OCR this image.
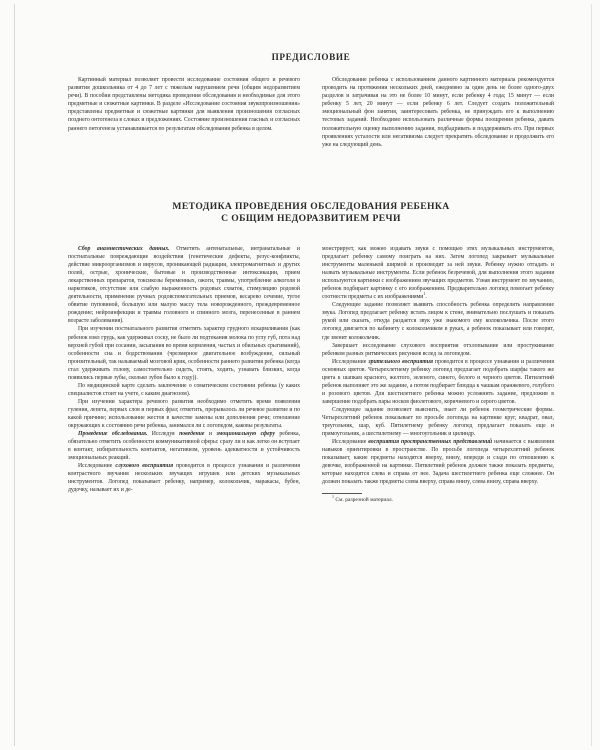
ПРЕДИСЛОВИЕ

Картинный материал позволяет провести исследование состояния общего и речевого развития дошкольника от 4 до 7 лет с тяжелым нарушением речи (общим недоразвитием речи). В пособии представлены методика проведения обследования и необходимые для этого предметные и сюжетные картинки. В разделе «Исследование состояния звукопроизношения» представлены предметные и сюжетные картинки для выявления произношения согласных позднего онтогенеза в словах и предложениях. Состояние произношения гласных и согласных раннего онтогенеза устанавливается по результатам обследования ребенка в целом.

Обследование ребенка с использованием данного картинного материала рекомендуется проводить на протяжении нескольких дней, ежедневно за один день не более одного-двух разделов и затрачивая на это не более 10 минут, если ребенку 4 года; 15 минут — если ребенку 5 лет, 20 минут — если ребенку 6 лет. Следует создать положительный эмоциональный фон занятия, заинтересовать ребенка, не принуждать его к выполнению тестовых заданий. Необходимо использовать различные формы поощрения ребенка, давать положительную оценку выполнению задания, подбадривать и поддерживать его. При первых проявлениях усталости или негативизма следует прекратить обследование и продолжить его уже на следующий день.

МЕТОДИКА ПРОВЕДЕНИЯ ОБСЛЕДОВАНИЯ РЕБЕНКА
С ОБЩИМ НЕДОРАЗВИТИЕМ РЕЧИ

Сбор анамнестических данных. Отметить антенатальные, интранатальные и постнатальные повреждающие воздействия (генетические дефекты, резус-конфликты, действие микроорганизмов и вирусов, проникающей радиации, электромагнитных и других полей, острые, хронические, бытовые и производственные интоксикации, прием лекарственных препаратов, токсикозы беременных, ожоги, травмы, употребление алкоголя и наркотиков, отсутствие или слабую выраженность родовых схваток, стимуляцию родовой деятельности, применение ручных родовспомогательных приемов, кесарево сечение, тугое обвитие пуповиной, большую или малую массу тела новорожденного, преждевременное рождение; нейроинфекции и травмы головного и спинного мозга, перенесенные в раннем возрасте заболевания).

При изучении постнатального развития отметить характер грудного вскармливания (как ребенок взял грудь, как удерживал соску, не было ли подтекания молока по углу губ, пота над верхней губой при сосании, засыпания во время кормления, частых и обильных срыгиваний), особенности сна и бодрствования (чрезмерное двигательное возбуждение, сильный пронзительный, так называемый мозговой крик, особенности раннего развития ребенка (когда стал удерживать голову, самостоятельно сидеть, стоять, ходить, узнавать близких, когда появились первые зубы, сколько зубов было к году)).

По медицинской карте сделать заключение о соматическом состоянии ребенка (у каких специалистов стоит на учете, с каким диагнозом).

При изучении характера речевого развития необходимо отметить время появления гуления, лепета, первых слов и первых фраз; отметить, прерывалось ли речевое развитие и по какой причине; использование жестов в качестве замены или дополнения речи; отношение окружающих к состоянию речи ребенка, занимался ли с логопедом, каковы результаты.

Проведение обследования. Исследуя поведение и эмоциональную сферу ребенка, обязательно отметить особенности коммуникативной сферы: сразу ли и как легко он вступает в контакт, избирательность контактов, негативизм, уровень адекватности и устойчивость эмоциональных реакций.

Исследование слухового восприятия проводится в процессе узнавания и различения контрастного звучания нескольких звучащих игрушек или детских музыкальных инструментов. Логопед показывает ребенку, например, колокольчик, маракасы, бубен, дудочку, называет их и де-

монстрирует, как можно издавать звуки с помощью этих музыкальных инструментов, предлагает ребенку самому поиграть на них. Затем логопед закрывает музыкальные инструменты маленькой ширмой и производит за ней звуки. Ребенку нужно отгадать и назвать музыкальные инструменты. Если ребенок безречевой, для выполнения этого задания используются картинки с изображением звучащих предметов. Узнав инструмент по звучанию, ребенок подбирает картинку с его изображением. Предварительно логопед помогает ребенку соотнести предметы с их изображениями$^1$.

Следующее задание позволяет выявить способность ребенка определять направление звука. Логопед предлагает ребенку встать лицом к стене, внимательно послушать и показать рукой или сказать, откуда раздается звук уже знакомого ему колокольчика. После этого логопед двигается по кабинету с колокольчиком в руках, а ребенок показывает или говорит, где звенит колокольчик.

Завершает исследование слухового восприятия отхлопывание или простукивание ребенком разных ритмических рисунков вслед за логопедом.

Исследование зрительного восприятия проводится в процессе узнавания и различения основных цветов. Четырехлетнему ребенку логопед предлагает подобрать шарфы такого же цвета к шапкам красного, желтого, зеленого, синего, белого и черного цветов. Пятилетний ребенок выполняет это же задание, а потом подбирает блюдца к чашкам оранжевого, голубого и розового цветов. Для шестилетнего ребенка можно усложнить задание, предложив в завершение подобрать пары носков фиолетового, коричневого и серого цветов.

Следующее задание позволяет выяснить, знает ли ребенок геометрические формы. Четырехлетний ребенок показывает по просьбе логопеда на картинке круг, квадрат, овал, треугольник, шар, куб. Пятилетнему ребенку логопед предлагает показать еще и прямоугольник, а шестилетнему — многоугольник и цилиндр.

Исследование восприятия пространственных представлений начинается с выявления навыков ориентировки в пространстве. По просьбе логопеда четырехлетний ребенок показывает, какие предметы находятся вверху, внизу, впереди и сзади по отношению к девочке, изображенной на картинке. Пятилетний ребенок должен также показать предметы, которые находятся слева и справа от нее. Задача шестилетнего ребенка еще сложнее. Он должен показать также предметы слева вверху, справа внизу, слева внизу, справа вверху.

$^1$ См. разрезной материал.
